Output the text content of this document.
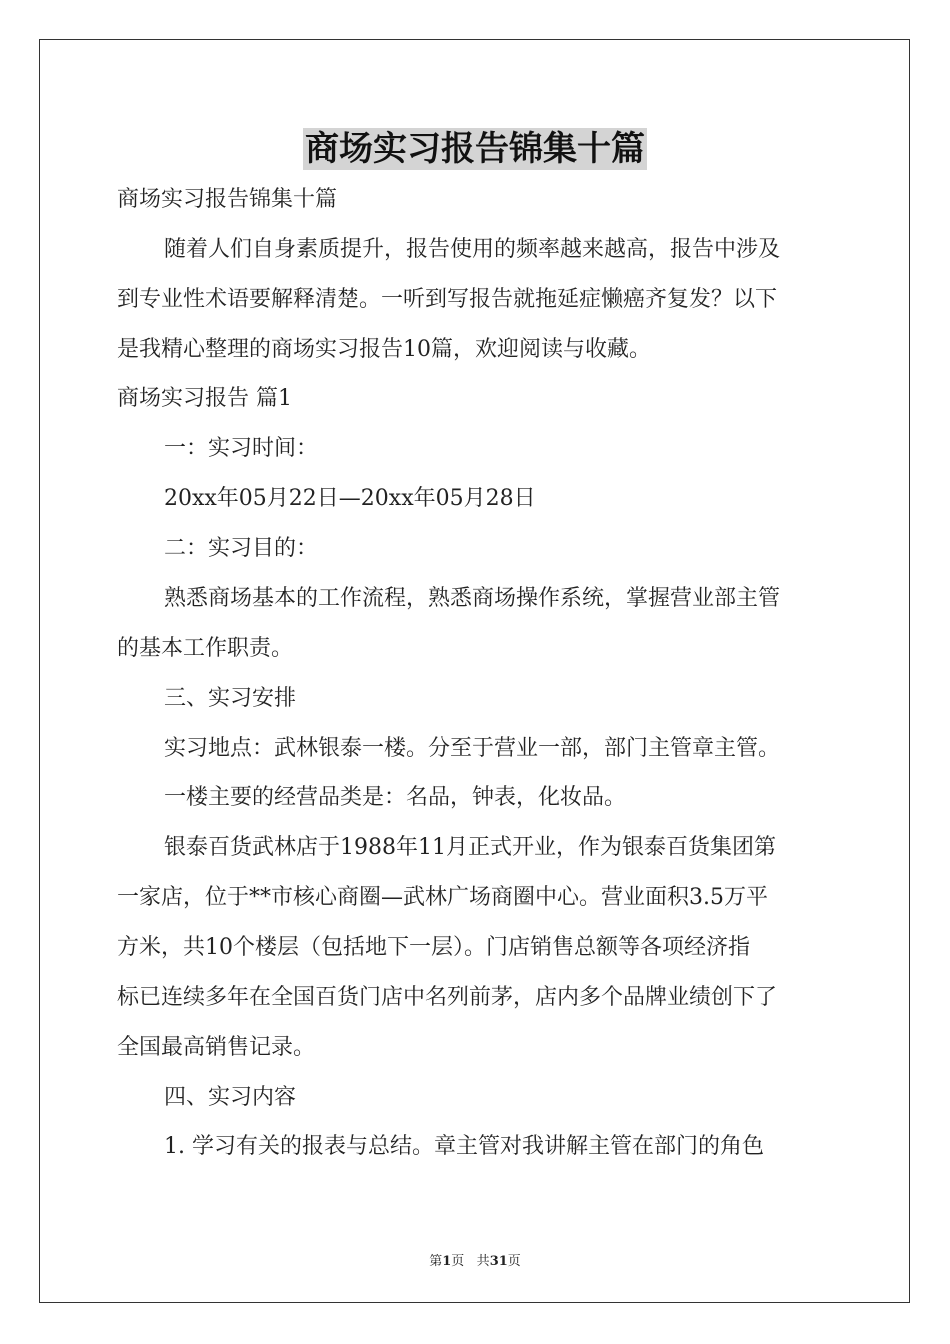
商场实习报告锦集十篇
商场实习报告锦集十篇
随着人们自身素质提升，报告使用的频率越来越高，报告中涉及
到专业性术语要解释清楚。一听到写报告就拖延症懒癌齐复发？以下
是我精心整理的商场实习报告10篇，欢迎阅读与收藏。
商场实习报告 篇1
一：实习时间：
20xx年05月22日—20xx年05月28日
二：实习目的：
熟悉商场基本的工作流程，熟悉商场操作系统，掌握营业部主管
的基本工作职责。
三、实习安排
实习地点：武林银泰一楼。分至于营业一部，部门主管章主管。
一楼主要的经营品类是：名品，钟表，化妆品。
银泰百货武林店于1988年11月正式开业，作为银泰百货集团第
一家店，位于**市核心商圈—武林广场商圈中心。营业面积3.5万平
方米，共10个楼层（包括地下一层）。门店销售总额等各项经济指
标已连续多年在全国百货门店中名列前茅，店内多个品牌业绩创下了
全国最高销售记录。
四、实习内容
1. 学习有关的报表与总结。章主管对我讲解主管在部门的角色
第1页 共31页
